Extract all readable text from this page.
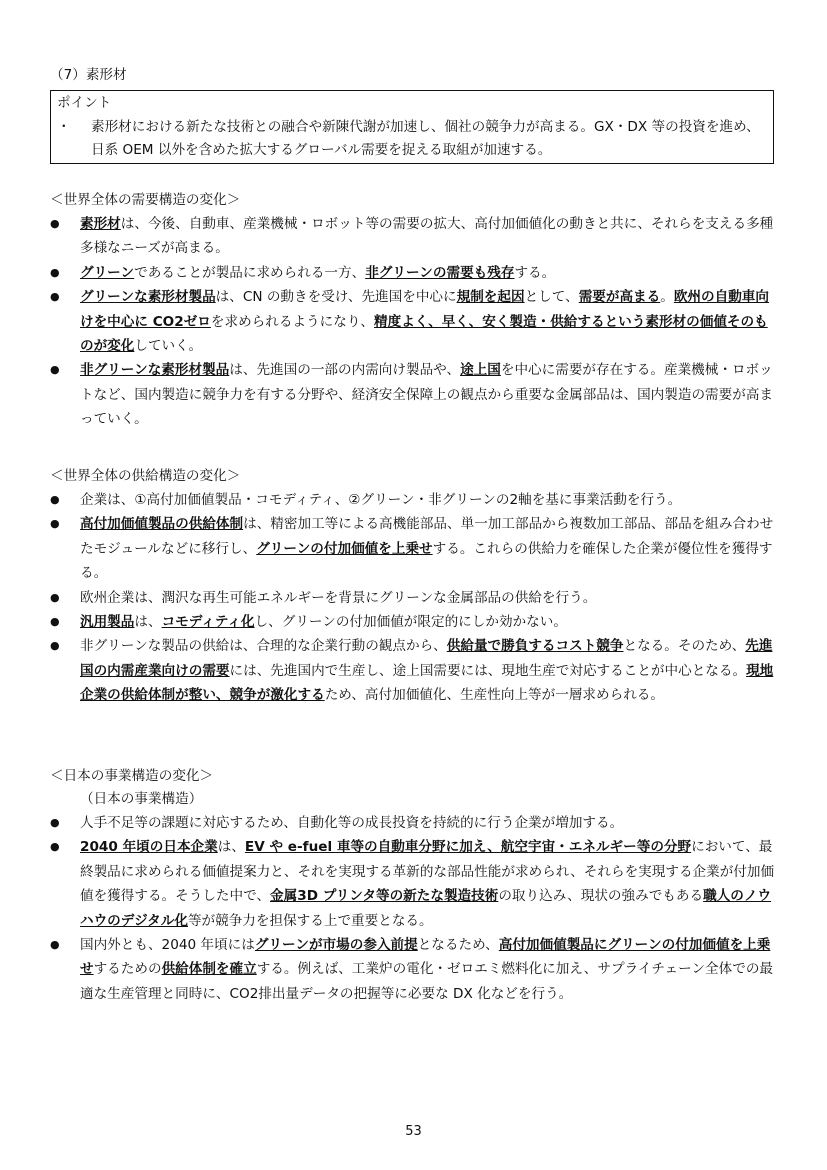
（7）素形材
ポイント
・	素形材における新たな技術との融合や新陳代謝が加速し、個社の競争力が高まる。GX・DX 等の投資を進め、日系 OEM 以外を含めた拡大するグローバル需要を捉える取組が加速する。
＜世界全体の需要構造の変化＞
●	素形材は、今後、自動車、産業機械・ロボット等の需要の拡大、高付加価値化の動きと共に、それらを支える多種多様なニーズが高まる。
●	グリーンであることが製品に求められる一方、非グリーンの需要も残存する。
●	グリーンな素形材製品は、CN の動きを受け、先進国を中心に規制を起因として、需要が高まる。欧州の自動車向けを中心に CO2ゼロを求められるようになり、精度よく、早く、安く製造・供給するという素形材の価値そのものが変化していく。
●	非グリーンな素形材製品は、先進国の一部の内需向け製品や、途上国を中心に需要が存在する。産業機械・ロボットなど、国内製造に競争力を有する分野や、経済安全保障上の観点から重要な金属部品は、国内製造の需要が高まっていく。
＜世界全体の供給構造の変化＞
●	企業は、①高付加価値製品・コモディティ、②グリーン・非グリーンの2軸を基に事業活動を行う。
●	高付加価値製品の供給体制は、精密加工等による高機能部品、単一加工部品から複数加工部品、部品を組み合わせたモジュールなどに移行し、グリーンの付加価値を上乗せする。これらの供給力を確保した企業が優位性を獲得する。
●	欧州企業は、潤沢な再生可能エネルギーを背景にグリーンな金属部品の供給を行う。
●	汎用製品は、コモディティ化し、グリーンの付加価値が限定的にしか効かない。
●	非グリーンな製品の供給は、合理的な企業行動の観点から、供給量で勝負するコスト競争となる。そのため、先進国の内需産業向けの需要には、先進国内で生産し、途上国需要には、現地生産で対応することが中心となる。現地企業の供給体制が整い、競争が激化するため、高付加価値化、生産性向上等が一層求められる。
＜日本の事業構造の変化＞
（日本の事業構造）
●	人手不足等の課題に対応するため、自動化等の成長投資を持続的に行う企業が増加する。
●	2040 年頃の日本企業は、EV や e-fuel 車等の自動車分野に加え、航空宇宙・エネルギー等の分野において、最終製品に求められる価値提案力と、それを実現する革新的な部品性能が求められ、それらを実現する企業が付加価値を獲得する。そうした中で、金属3D プリンタ等の新たな製造技術の取り込み、現状の強みでもある職人のノウハウのデジタル化等が競争力を担保する上で重要となる。
●	国内外とも、2040 年頃にはグリーンが市場の参入前提となるため、高付加価値製品にグリーンの付加価値を上乗せするための供給体制を確立する。例えば、工業炉の電化・ゼロエミ燃料化に加え、サプライチェーン全体での最適な生産管理と同時に、CO2排出量データの把握等に必要な DX 化などを行う。
53
